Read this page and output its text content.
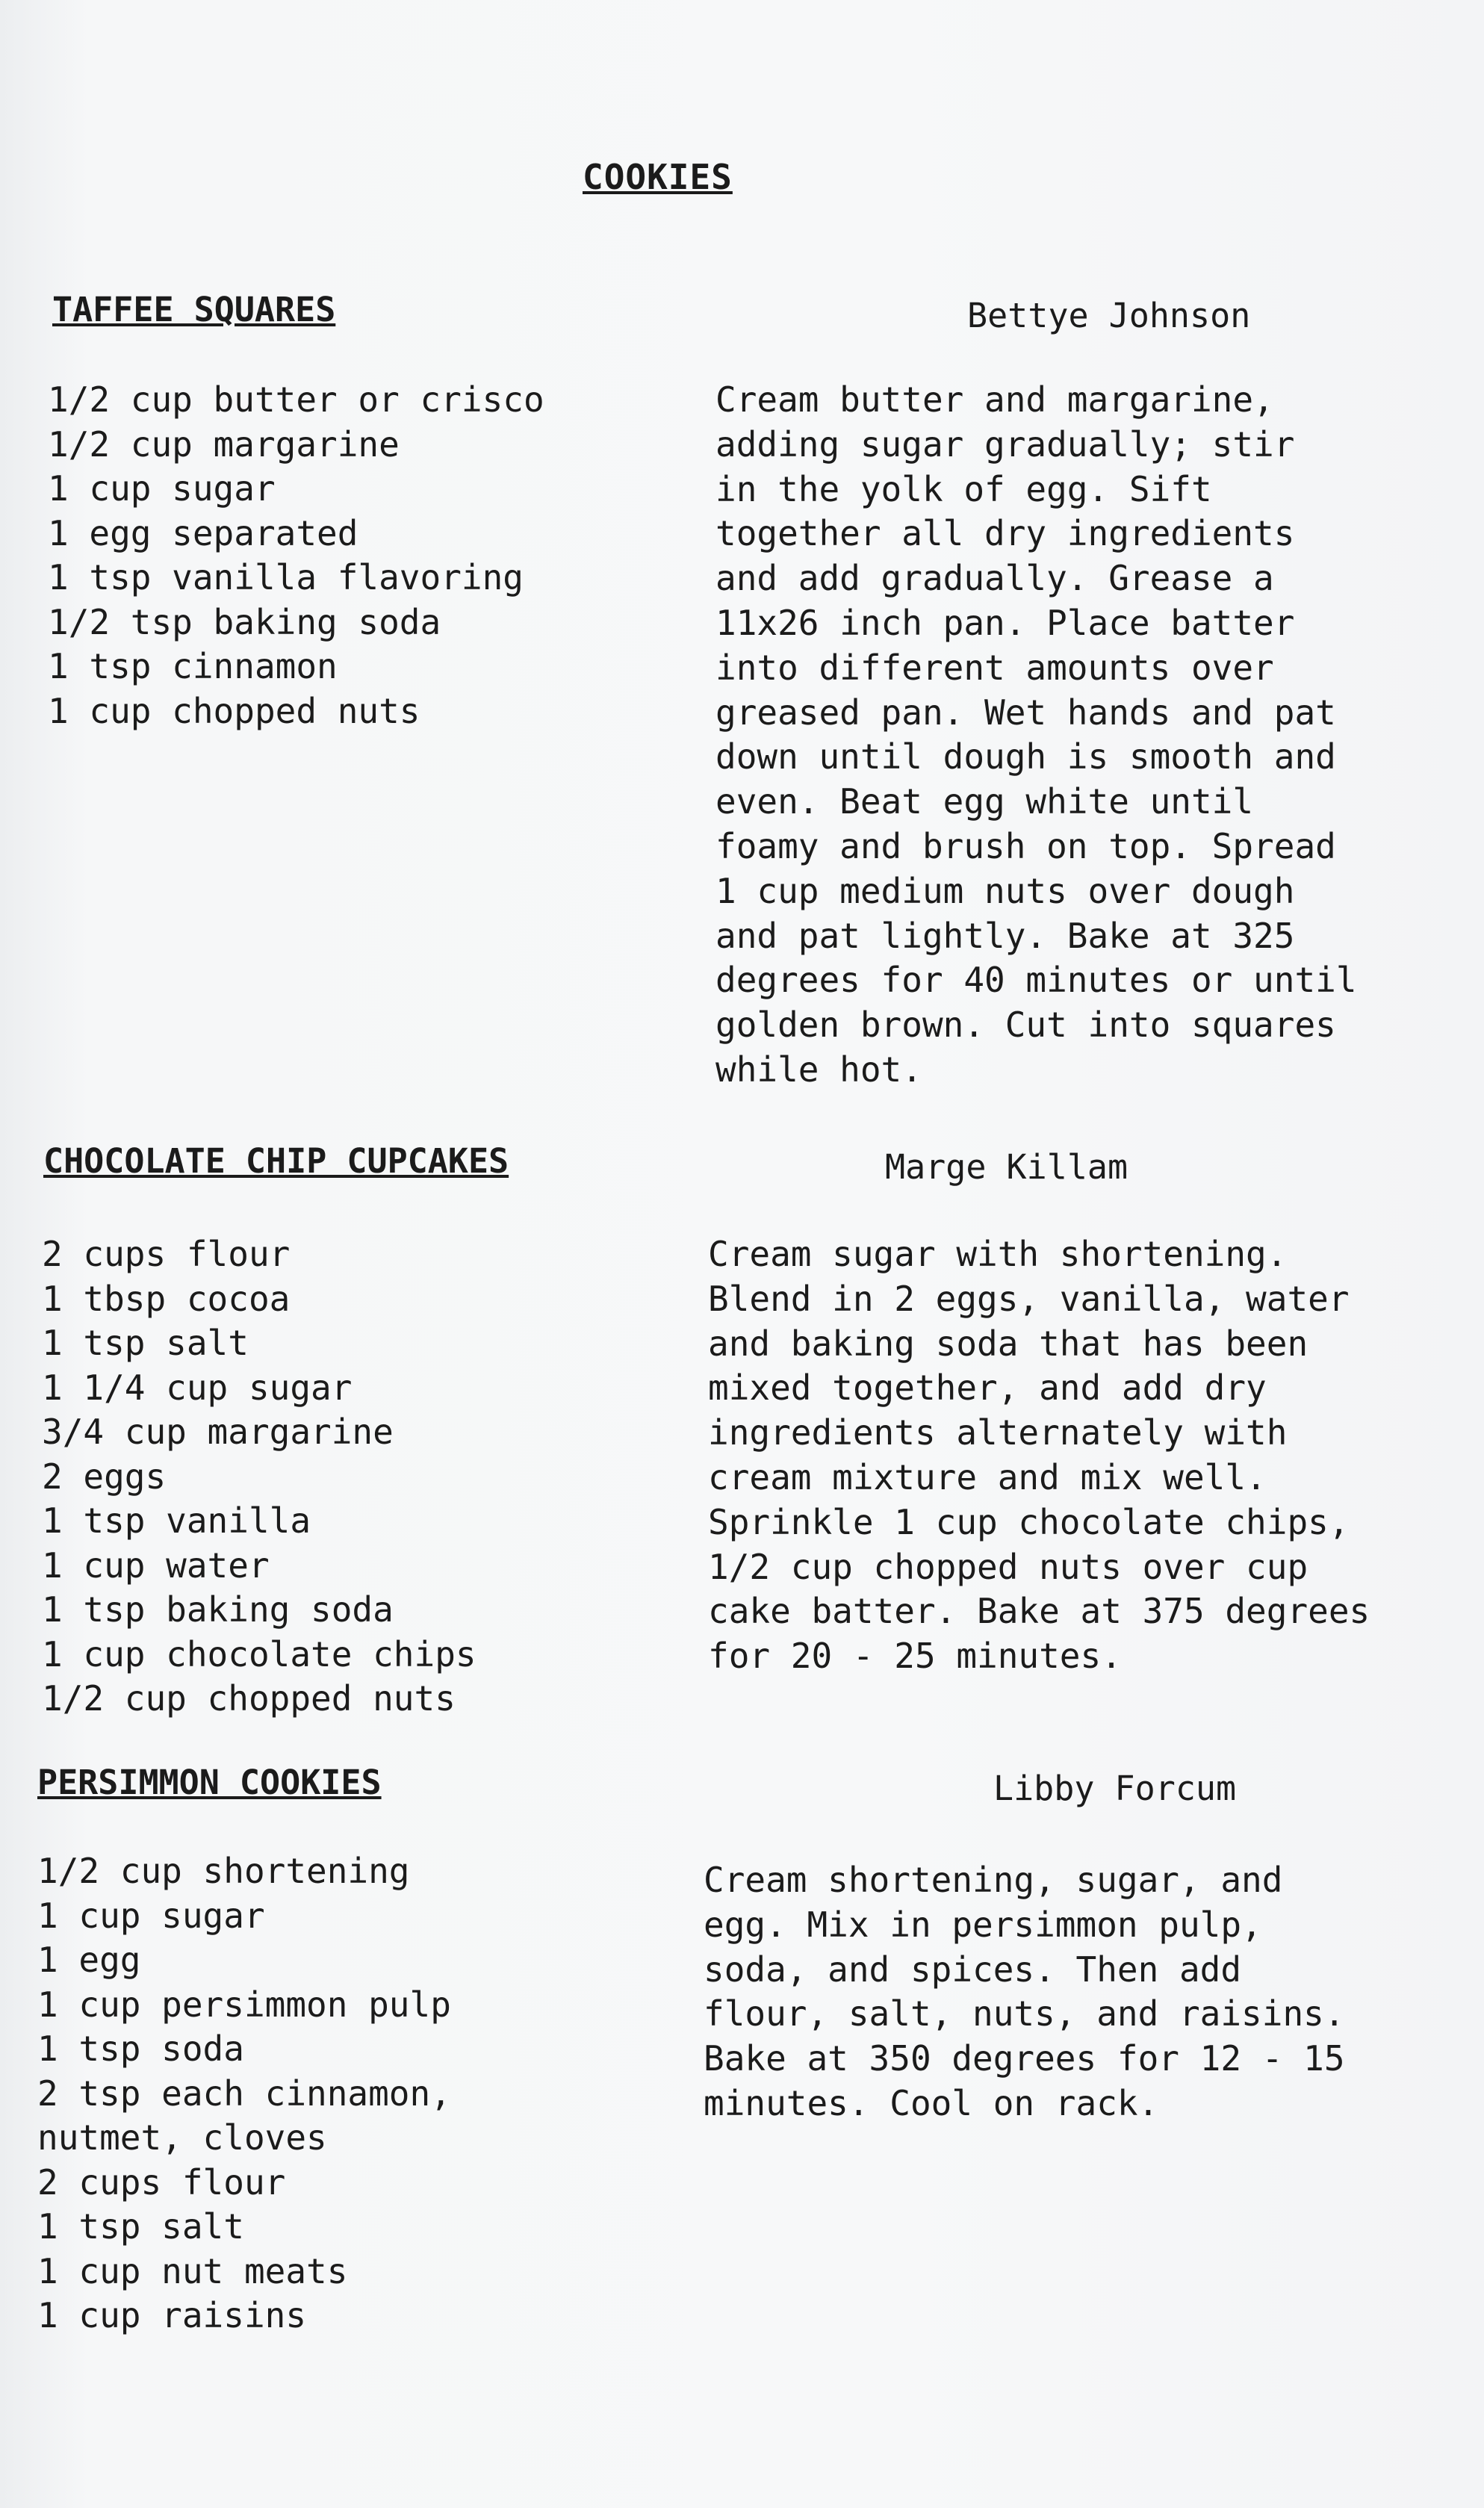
COOKIES
TAFFEE SQUARES	Bettye Johnson
1/2 cup butter or crisco
1/2 cup margarine
1 cup sugar
1 egg separated
1 tsp vanilla flavoring
1/2 tsp baking soda
1 tsp cinnamon
1 cup chopped nuts
Cream butter and margarine,
adding sugar gradually; stir
in the yolk of egg. Sift
together all dry ingredients
and add gradually. Grease a
11x26 inch pan. Place batter
into different amounts over
greased pan. Wet hands and pat
down until dough is smooth and
even. Beat egg white until
foamy and brush on top. Spread
1 cup medium nuts over dough
and pat lightly. Bake at 325
degrees for 40 minutes or until
golden brown. Cut into squares
while hot.
CHOCOLATE CHIP CUPCAKES	Marge Killam
2 cups flour
1 tbsp cocoa
1 tsp salt
1 1/4 cup sugar
3/4 cup margarine
2 eggs
1 tsp vanilla
1 cup water
1 tsp baking soda
1 cup chocolate chips
1/2 cup chopped nuts
Cream sugar with shortening.
Blend in 2 eggs, vanilla, water
and baking soda that has been
mixed together, and add dry
ingredients alternately with
cream mixture and mix well.
Sprinkle 1 cup chocolate chips,
1/2 cup chopped nuts over cup
cake batter. Bake at 375 degrees
for 20 - 25 minutes.
PERSIMMON COOKIES	Libby Forcum
1/2 cup shortening
1 cup sugar
1 egg
1 cup persimmon pulp
1 tsp soda
2 tsp each cinnamon,
nutmet, cloves
2 cups flour
1 tsp salt
1 cup nut meats
1 cup raisins
Cream shortening, sugar, and
egg. Mix in persimmon pulp,
soda, and spices. Then add
flour, salt, nuts, and raisins.
Bake at 350 degrees for 12 - 15
minutes. Cool on rack.
